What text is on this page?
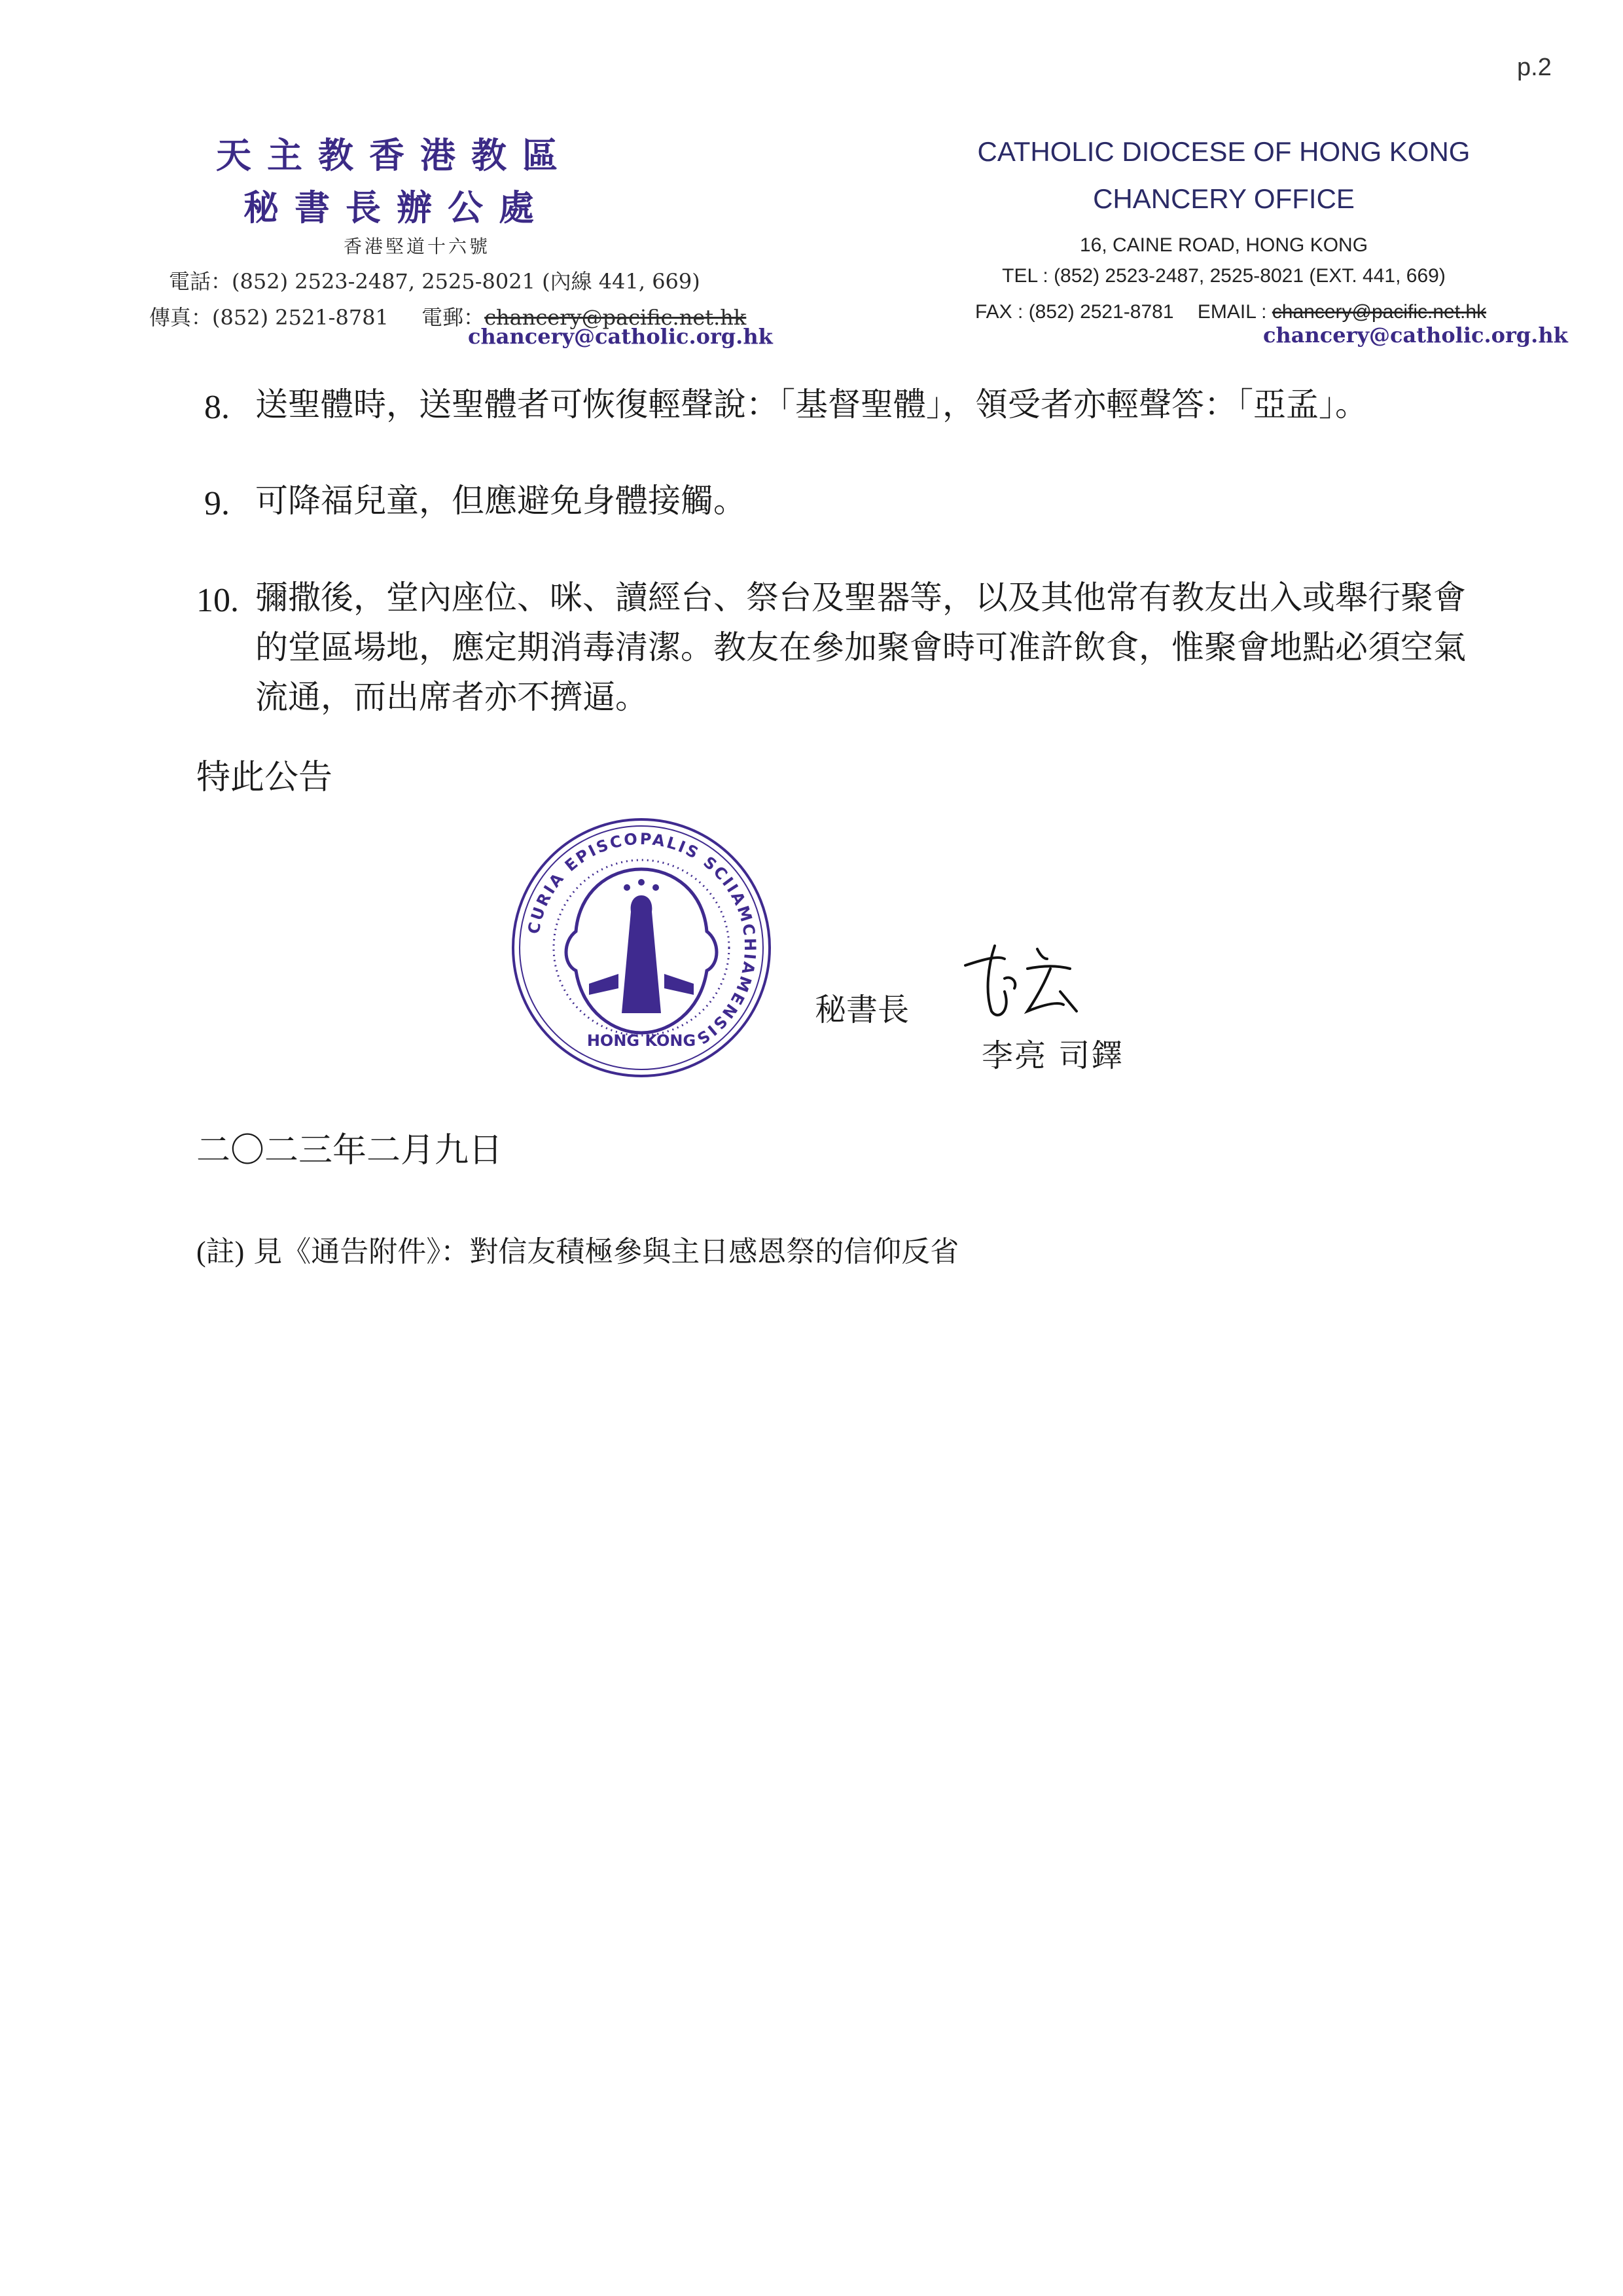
p.2
天主教香港教區
秘書長辦公處
香港堅道十六號
電話：(852) 2523-2487, 2525-8021 (內線 441, 669)
傳真：(852) 2521-8781 電郵：chancery@pacific.net.hk
chancery@catholic.org.hk
CATHOLIC DIOCESE OF HONG KONG
CHANCERY OFFICE
16, CAINE ROAD, HONG KONG
TEL : (852) 2523-2487, 2525-8021 (EXT. 441, 669)
FAX : (852) 2521-8781 EMAIL : chancery@pacific.net.hk
chancery@catholic.org.hk
8. 送聖體時，送聖體者可恢復輕聲說：「基督聖體」，領受者亦輕聲答：「亞孟」。
9. 可降福兒童，但應避免身體接觸。
10. 彌撒後，堂內座位、咪、讀經台、祭台及聖器等，以及其他常有教友出入或舉行聚會的堂區場地，應定期消毒清潔。教友在參加聚會時可准許飲食，惟聚會地點必須空氣流通，而出席者亦不擠逼。
特此公告
CURIA EPISCOPALIS SCIIAMCHIAMENSIS
HONG KONG
秘書長
李亮 司鐸
二〇二三年二月九日
(註) 見《通告附件》：對信友積極參與主日感恩祭的信仰反省
